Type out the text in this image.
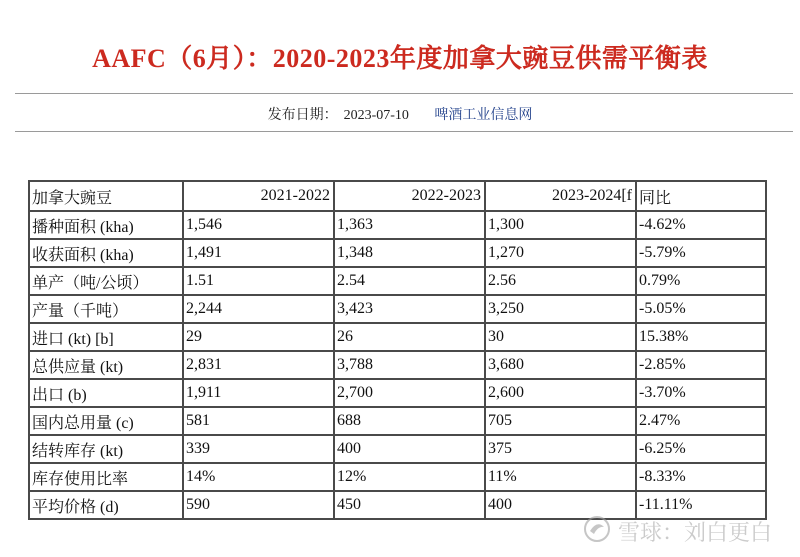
AAFC（6月）：2020-2023年度加拿大豌豆供需平衡表
发布日期： 2023-07-10 啤酒工业信息网
加拿大豌豆	2021-2022	2022-2023	2023-2024[f	同比
播种面积 (kha)	1,546	1,363	1,300	-4.62%
收获面积 (kha)	1,491	1,348	1,270	-5.79%
单产（吨/公顷）	1.51	2.54	2.56	0.79%
产量（千吨）	2,244	3,423	3,250	-5.05%
进口 (kt) [b]	29	26	30	15.38%
总供应量 (kt)	2,831	3,788	3,680	-2.85%
出口 (b)	1,911	2,700	2,600	-3.70%
国内总用量 (c)	581	688	705	2.47%
结转库存 (kt)	339	400	375	-6.25%
库存使用比率	14%	12%	11%	-8.33%
平均价格 (d)	590	450	400	-11.11%
雪球：刘白更白
